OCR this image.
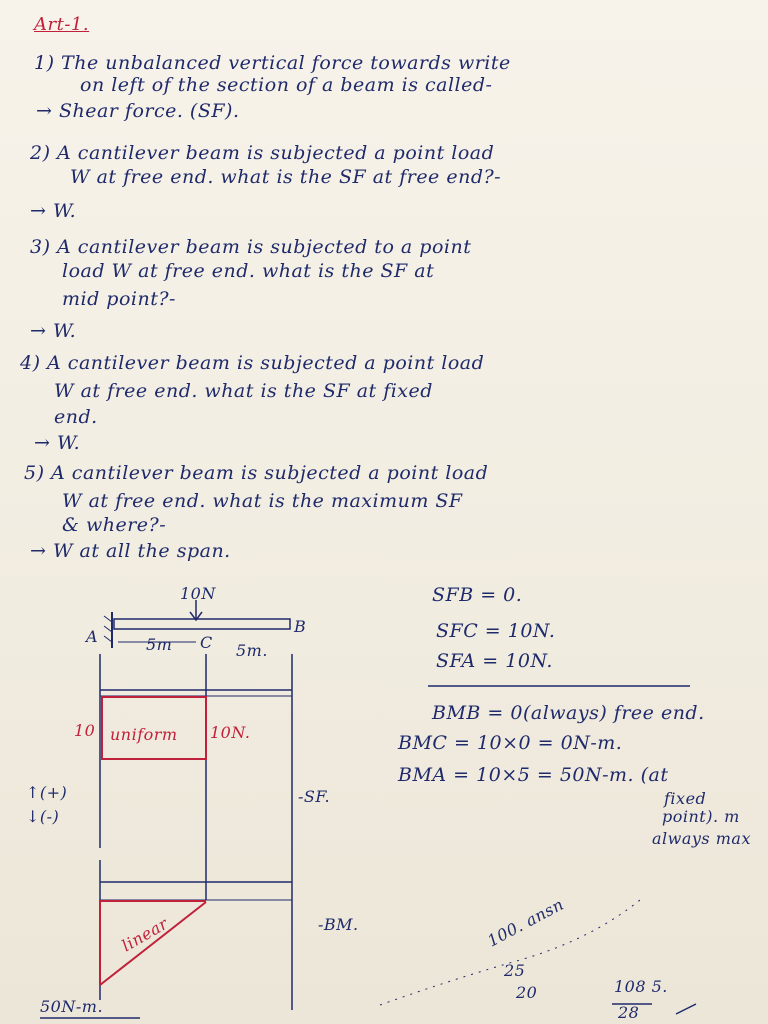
Art-1.
1) The unbalanced vertical force towards write
on left of the section of a beam is called-
→ Shear force. (SF).
2) A cantilever beam is subjected a point load
W at free end. what is the SF at free end?-
→ W.
3) A cantilever beam is subjected to a point
load W at free end. what is the SF at
mid point?-
→ W.
4) A cantilever beam is subjected a point load
W at free end. what is the SF at fixed
end.
→ W.
5) A cantilever beam is subjected a point load
W at free end. what is the maximum SF
& where?-
→ W at all the span.
10N
A
B
5m C 5m.
10 uniform 10N.
-SF.
↑(+)
↓(-)
linear	-BM.
50N-m.
SFB = 0.
SFC = 10N.
SFA = 10N.
BMB = 0(always) free end.
BMC = 10×0 = 0N-m.
BMA = 10×5 = 50N-m. (at
fixed
point). m
always max
100. ansn
25
20	108 5.
28
